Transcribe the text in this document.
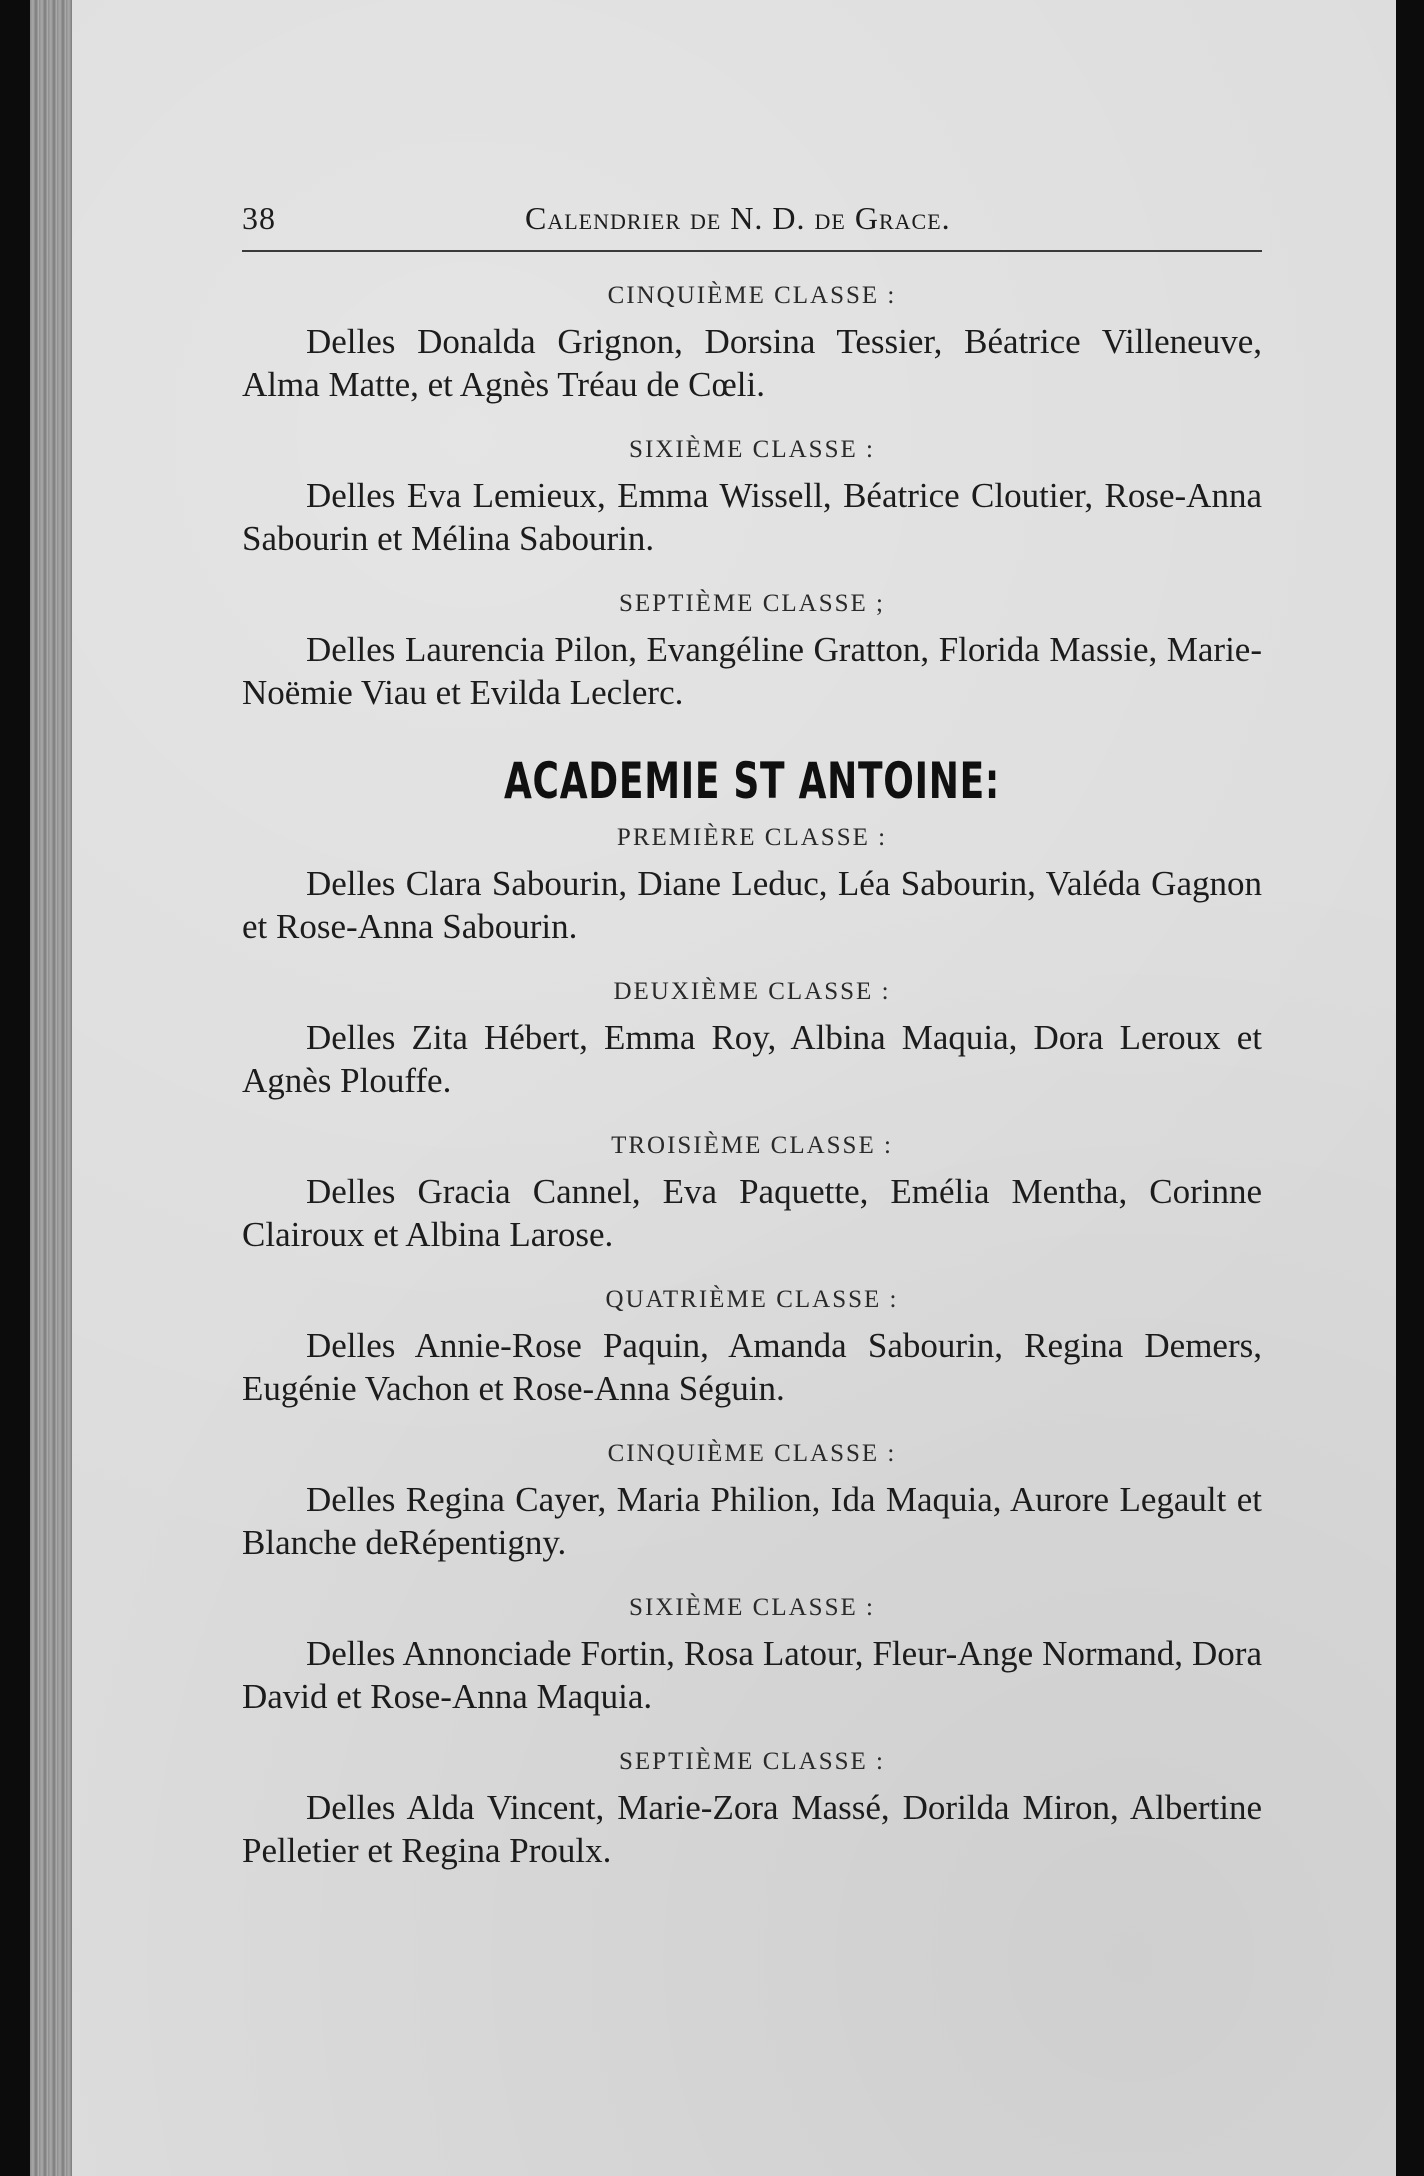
38	Calendrier de N. D. de Grace.
CINQUIÈME CLASSE :

Delles Donalda Grignon, Dorsina Tessier, Béatrice Villeneuve, Alma Matte, et Agnès Tréau de Cœli.

SIXIÈME CLASSE :

Delles Eva Lemieux, Emma Wissell, Béatrice Cloutier, Rose-Anna Sabourin et Mélina Sabourin.

SEPTIÈME CLASSE ;

Delles Laurencia Pilon, Evangéline Gratton, Florida Massie, Marie-Noëmie Viau et Evilda Leclerc.

ACADEMIE ST ANTOINE:
PREMIÈRE CLASSE :

Delles Clara Sabourin, Diane Leduc, Léa Sabourin, Valéda Gagnon et Rose-Anna Sabourin.

DEUXIÈME CLASSE :

Delles Zita Hébert, Emma Roy, Albina Maquia, Dora Leroux et Agnès Plouffe.

TROISIÈME CLASSE :

Delles Gracia Cannel, Eva Paquette, Emélia Mentha, Corinne Clairoux et Albina Larose.

QUATRIÈME CLASSE :

Delles Annie-Rose Paquin, Amanda Sabourin, Regina Demers, Eugénie Vachon et Rose-Anna Séguin.

CINQUIÈME CLASSE :

Delles Regina Cayer, Maria Philion, Ida Maquia, Aurore Legault et Blanche deRépentigny.

SIXIÈME CLASSE :

Delles Annonciade Fortin, Rosa Latour, Fleur-Ange Normand, Dora David et Rose-Anna Maquia.

SEPTIÈME CLASSE :

Delles Alda Vincent, Marie-Zora Massé, Dorilda Miron, Albertine Pelletier et Regina Proulx.
